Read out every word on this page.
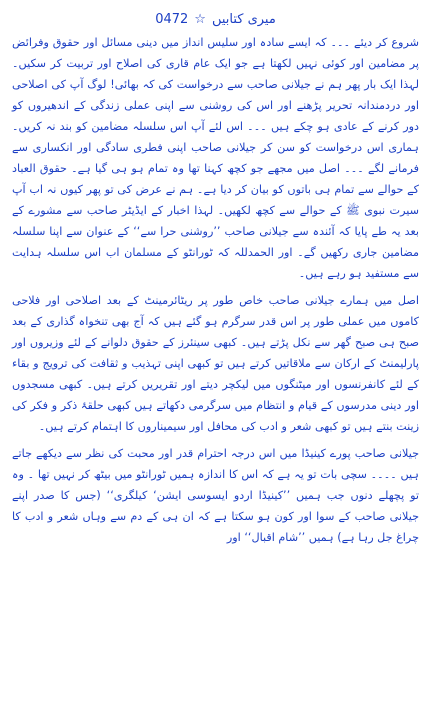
میری کتابیں
☆
0472

شروع کر دیئے ۔۔۔ کہ ایسے سادہ اور سلیس انداز میں دینی مسائل اور حقوق وفرائض پر مضامین اور کوئی نہیں لکھتا ہے جو ایک عام قاری کی اصلاح اور تربیت کر سکیں۔ لہذا ایک بار پھر ہم نے جیلانی صاحب سے درخواست کی کہ بھائی! لوگ آپ کی اصلاحی اور دردمندانہ تحریر پڑھنے اور اس کی روشنی سے اپنی عملی زندگی کے اندھیروں کو دور کرنے کے عادی ہو چکے ہیں ۔۔۔ اس لئے آپ اس سلسلہ مضامین کو بند نہ کریں۔ ہماری اس درخواست کو سن کر جیلانی صاحب اپنی فطری سادگی اور انکساری سے فرمانے لگے ۔۔۔ اصل میں مجھے جو کچھ کہنا تھا وہ تمام ہو ہی گیا ہے۔ حقوق العباد کے حوالے سے تمام ہی باتوں کو بیان کر دیا ہے۔ ہم نے عرض کی تو پھر کیوں نہ اب آپ سیرت نبوی ﷺ کے حوالے سے کچھ لکھیں۔ لہذا اخبار کے ایڈیٹر صاحب سے مشورے کے بعد یہ طے پایا کہ آئندہ سے جیلانی صاحب ’’روشنی حرا سے‘‘ کے عنوان سے اپنا سلسلہ مضامین جاری رکھیں گے۔ اور الحمدللہ کہ ٹورانٹو کے مسلمان اب اس سلسلہ ہدایت سے مستفید ہو رہے ہیں۔

اصل میں ہمارے جیلانی صاحب خاص طور پر ریٹائرمینٹ کے بعد اصلاحی اور فلاحی کاموں میں عملی طور پر اس قدر سرگرم ہو گئے ہیں کہ آج بھی تنخواہ گذاری کے بعد صبح ہی صبح گھر سے نکل پڑتے ہیں۔ کبھی سینئرز کے حقوق دلوانے کے لئے وزیروں اور پارلیمنٹ کے ارکان سے ملاقاتیں کرتے ہیں تو کبھی اپنی تہذیب و ثقافت کی ترویج و بقاء کے لئے کانفرنسوں اور میٹنگوں میں لیکچر دیتے اور تقریریں کرتے ہیں۔ کبھی مسجدوں اور دینی مدرسوں کے قیام و انتظام میں سرگرمی دکھاتے ہیں کبھی حلقۂ ذکر و فکر کی زینت بنتے ہیں تو کبھی شعر و ادب کی محافل اور سیمیناروں کا اہتمام کرتے ہیں۔

جیلانی صاحب پورے کینیڈا میں اس درجہ احترام قدر اور محبت کی نظر سے دیکھے جاتے ہیں ۔۔۔۔ سچی بات تو یہ ہے کہ اس کا اندازہ ہمیں ٹورانٹو میں بیٹھ کر نہیں تھا ۔ وہ تو پچھلے دنوں جب ہمیں ’’کینیڈا اردو ایسوسی ایشن‘ کیلگری‘‘ (جس کا صدر اپنے جیلانی صاحب کے سوا اور کون ہو سکتا ہے کہ ان ہی کے دم سے وہاں شعر و ادب کا چراغ جل رہا ہے) ہمیں ’’شام اقبال‘‘ اور
